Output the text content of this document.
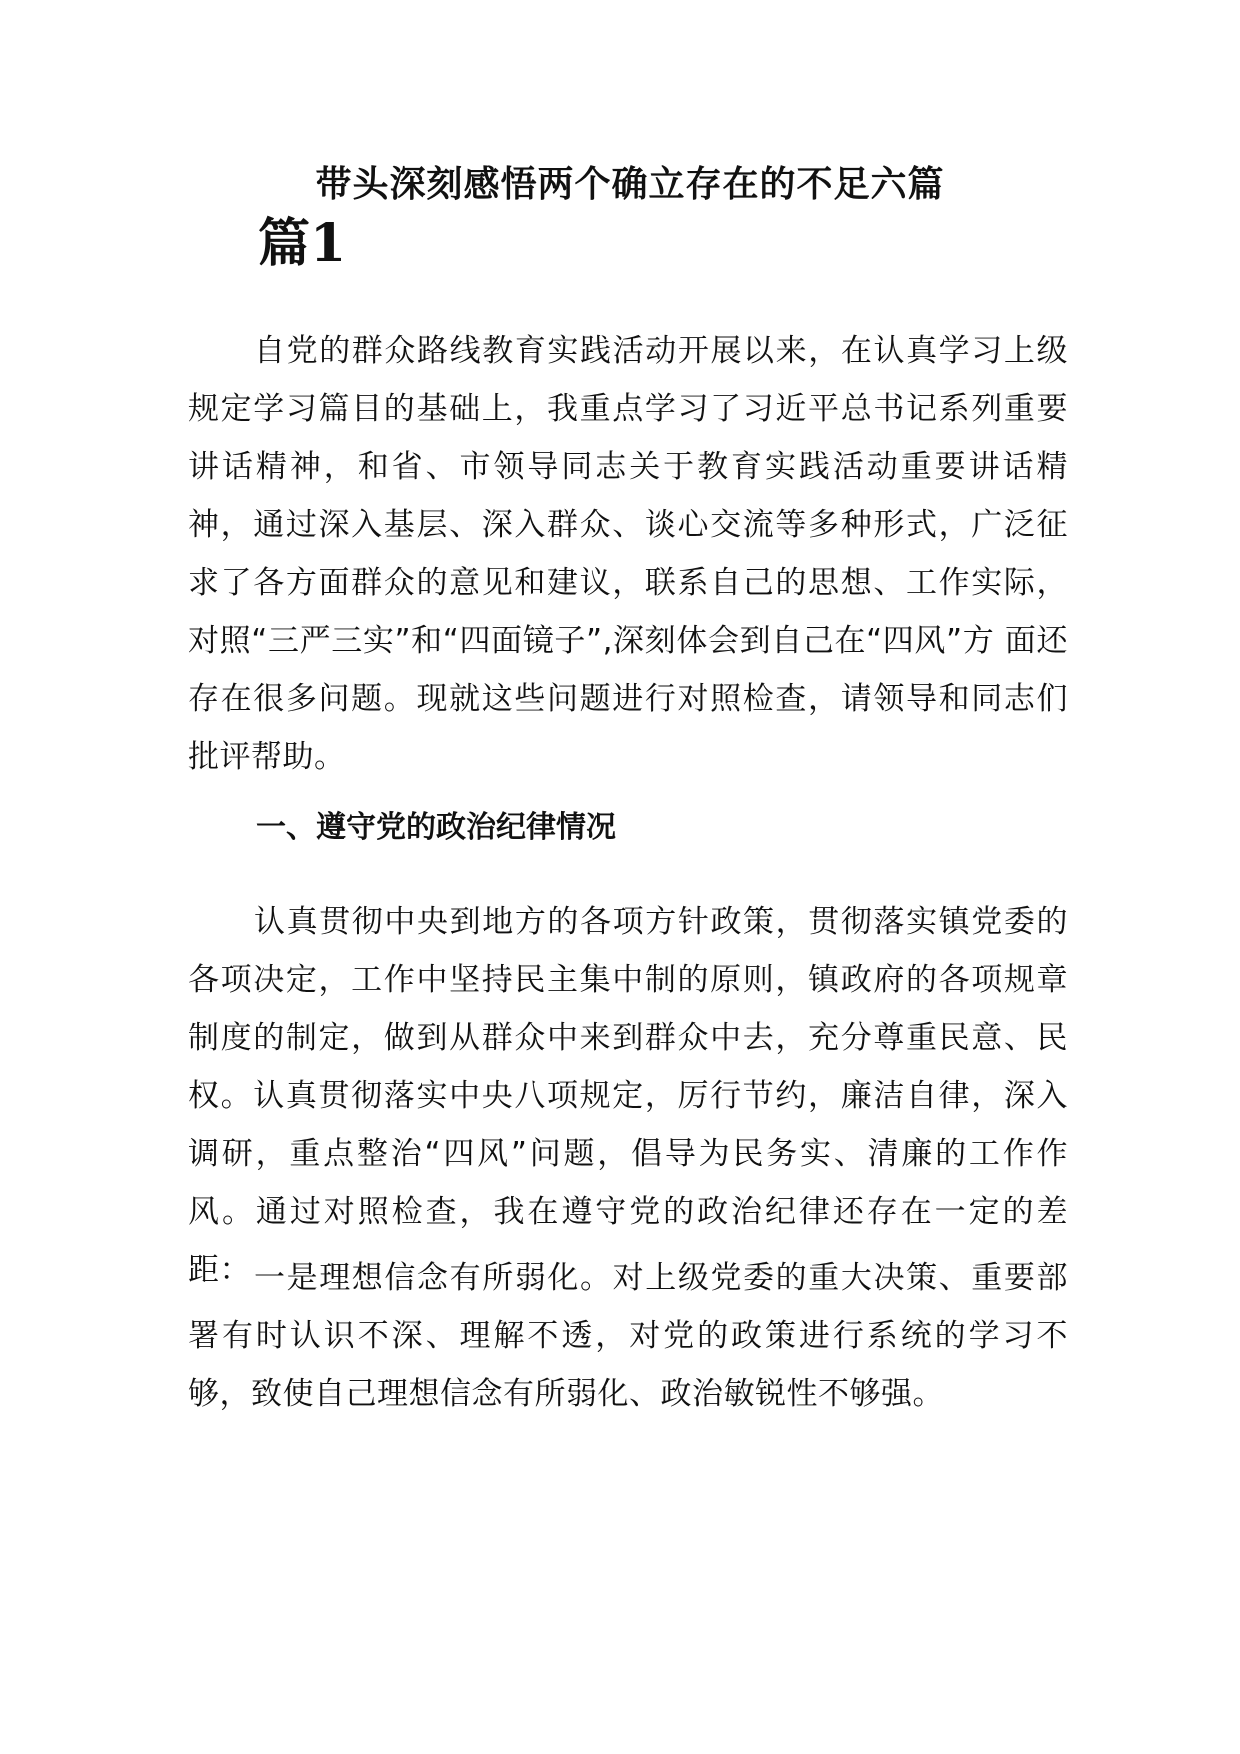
带头深刻感悟两个确立存在的不足六篇
篇1

自党的群众路线教育实践活动开展以来，在认真学习上级规定学习篇目的基础上，我重点学习了习近平总书记系列重要讲话精神，和省、市领导同志关于教育实践活动重要讲话精神，通过深入基层、深入群众、谈心交流等多种形式，广泛征求了各方面群众的意见和建议，联系自己的思想、工作实际，对照“三严三实”和“四面镜子”,深刻体会到自己在“四风”方 面还存在很多问题。现就这些问题进行对照检查，请领导和同志们批评帮助。

一、遵守党的政治纪律情况

认真贯彻中央到地方的各项方针政策，贯彻落实镇党委的各项决定，工作中坚持民主集中制的原则，镇政府的各项规章制度的制定，做到从群众中来到群众中去，充分尊重民意、民权。认真贯彻落实中央八项规定，厉行节约，廉洁自律，深入调研，重点整治“四风”问题，倡导为民务实、清廉的工作作风。通过对照检查，我在遵守党的政治纪律还存在一定的差距： 一是理想信念有所弱化。对上级党委的重大决策、重要部署有时认识不深、理解不透，对党的政策进行系统的学习不够，致使自己理想信念有所弱化、政治敏锐性不够强。
